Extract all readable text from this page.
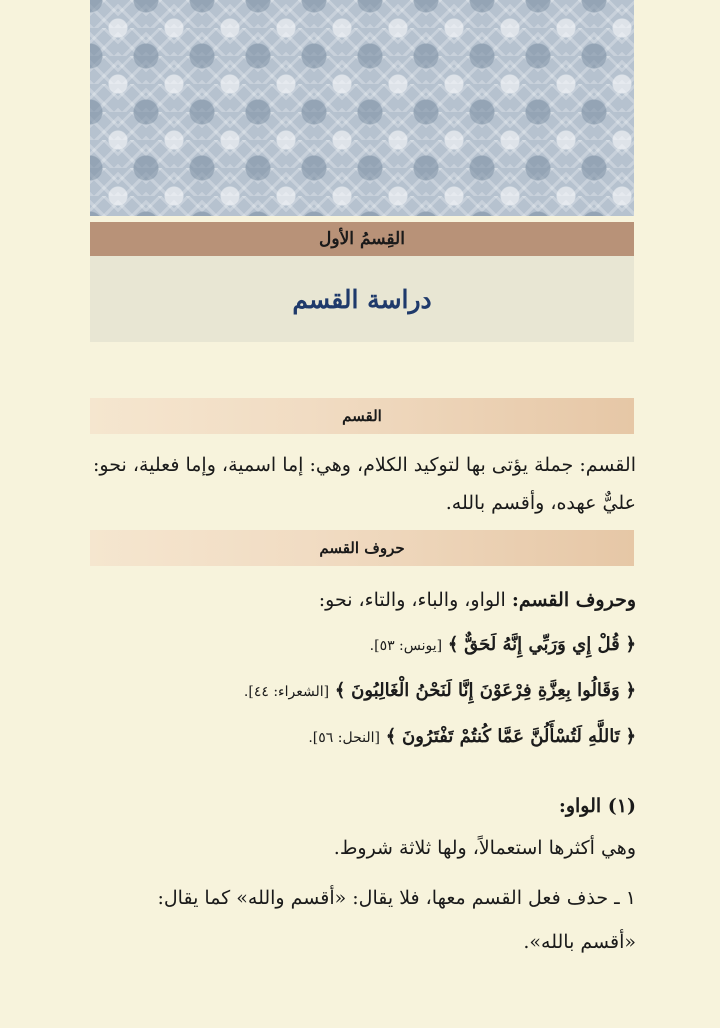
القِسمُ الأول
دراسة القسم
القسم
القسم: جملة يؤتى بها لتوكيد الكلام، وهي: إما اسمية، وإما فعلية، نحو: عليٌّ عهده، وأقسم بالله.
حروف القسم
وحروف القسم: الواو، والباء، والتاء، نحو:
﴿ قُلْ إِي وَرَبِّي إِنَّهُ لَحَقٌّ ﴾ [يونس: ٥٣].
﴿ وَقَالُوا بِعِزَّةِ فِرْعَوْنَ إِنَّا لَنَحْنُ الْغَالِبُونَ ﴾ [الشعراء: ٤٤].
﴿ تَاللَّهِ لَتُسْأَلُنَّ عَمَّا كُنتُمْ تَفْتَرُونَ ﴾ [النحل: ٥٦].
(١) الواو:
وهي أكثرها استعمالاً، ولها ثلاثة شروط.
١ ـ حذف فعل القسم معها، فلا يقال: «أقسم والله» كما يقال:
«أقسم بالله».
